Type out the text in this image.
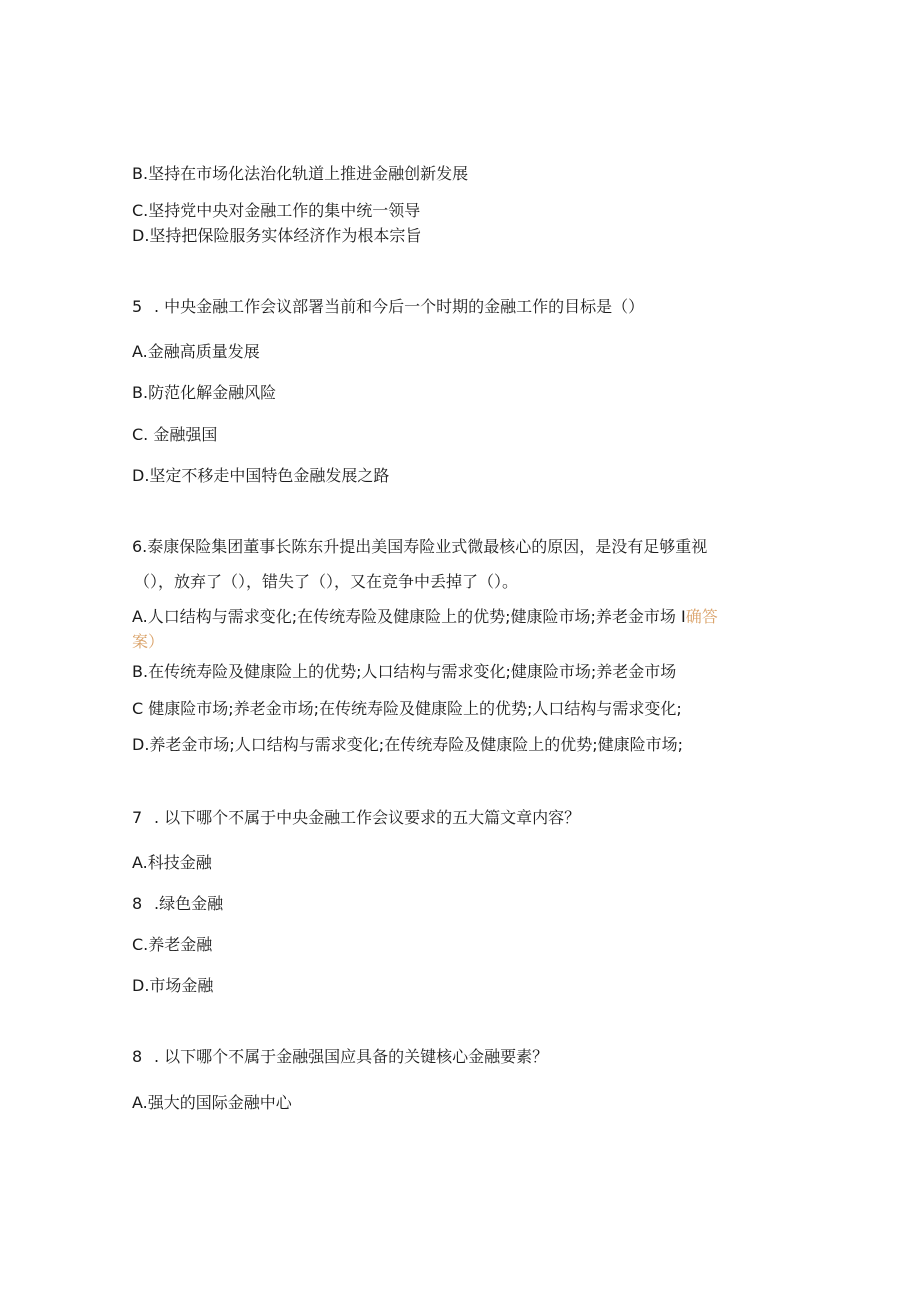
B.坚持在市场化法治化轨道上推进金融创新发展
C.坚持党中央对金融工作的集中统一领导
D.坚持把保险服务实体经济作为根本宗旨
5 . 中央金融工作会议部署当前和今后一个时期的金融工作的目标是（）
A.金融高质量发展
B.防范化解金融风险
C. 金融强国
D.坚定不移走中国特色金融发展之路
6.泰康保险集团董事长陈东升提出美国寿险业式微最核心的原因，是没有足够重视
（），放弃了（），错失了（），又在竞争中丢掉了（）。
A.人口结构与需求变化;在传统寿险及健康险上的优势;健康险市场;养老金市场 I确答
案）
B.在传统寿险及健康险上的优势;人口结构与需求变化;健康险市场;养老金市场
C 健康险市场;养老金市场;在传统寿险及健康险上的优势;人口结构与需求变化;
D.养老金市场;人口结构与需求变化;在传统寿险及健康险上的优势;健康险市场;
7 . 以下哪个不属于中央金融工作会议要求的五大篇文章内容？
A.科技金融
8 .绿色金融
C.养老金融
D.市场金融
8 . 以下哪个不属于金融强国应具备的关键核心金融要素？
A.强大的国际金融中心
